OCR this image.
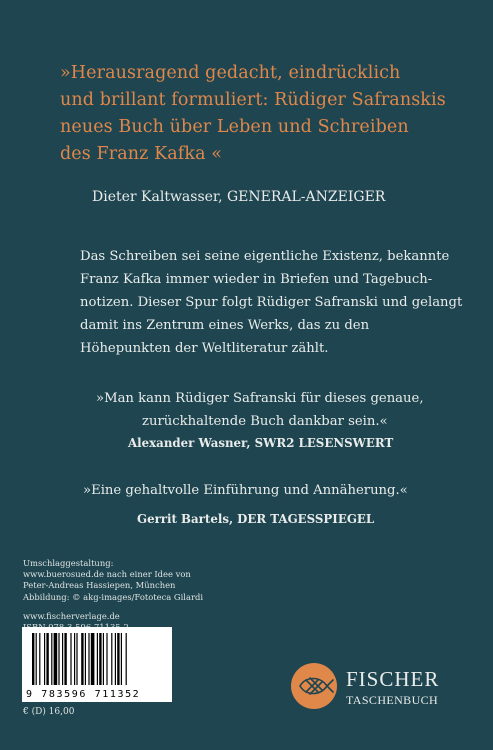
»Herausragend gedacht, eindrücklich
und brillant formuliert: Rüdiger Safranskis
neues Buch über Leben und Schreiben
des Franz Kafka «
Dieter Kaltwasser, GENERAL-ANZEIGER
Das Schreiben sei seine eigentliche Existenz, bekannte
Franz Kafka immer wieder in Briefen und Tagebuch-
notizen. Dieser Spur folgt Rüdiger Safranski und gelangt
damit ins Zentrum eines Werks, das zu den
Höhepunkten der Weltliteratur zählt.
»Man kann Rüdiger Safranski für dieses genaue,
zurückhaltende Buch dankbar sein.«
Alexander Wasner, SWR2 LESENSWERT
»Eine gehaltvolle Einführung und Annäherung.«
Gerrit Bartels, DER TAGESSPIEGEL
Umschlaggestaltung:
www.buerosued.de nach einer Idee von
Peter-Andreas Hassiepen, München
Abbildung: © akg-images/Fototeca Gilardi
www.fischerverlage.de
9 783596 711352
€ (D) 16,00
FISCHER
TASCHENBUCH
